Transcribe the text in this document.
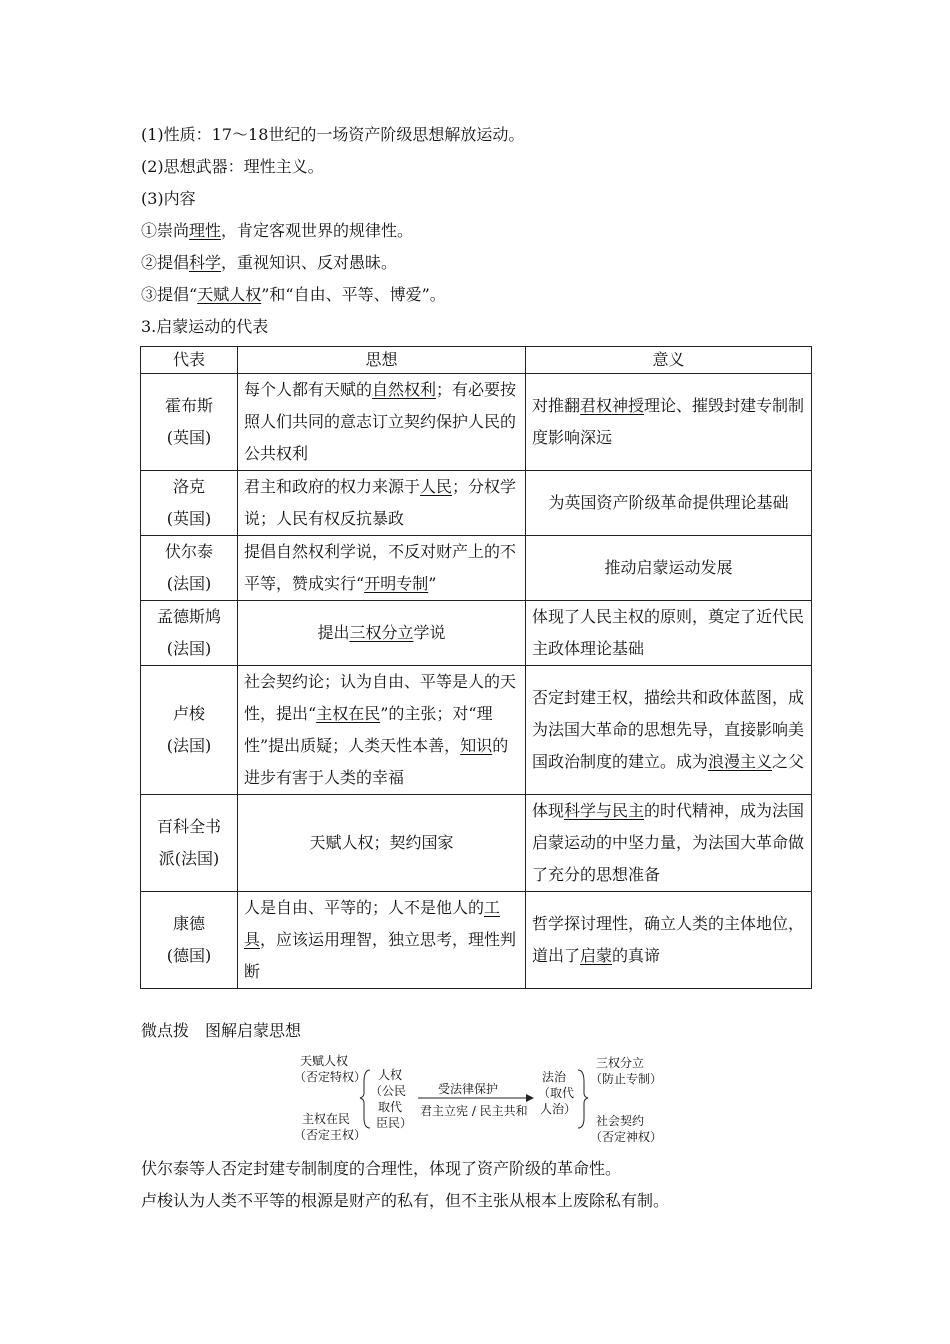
(1)性质：17～18世纪的一场资产阶级思想解放运动。
(2)思想武器：理性主义。
(3)内容
①崇尚理性，肯定客观世界的规律性。
②提倡科学，重视知识、反对愚昧。
③提倡“天赋人权”和“自由、平等、博爱”。
3.启蒙运动的代表
代表	思想	意义
霍布斯
(英国)	每个人都有天赋的自然权利；有必要按照人们共同的意志订立契约保护人民的公共权利	对推翻君权神授理论、摧毁封建专制制度影响深远
洛克
(英国)	君主和政府的权力来源于人民；分权学说；人民有权反抗暴政	为英国资产阶级革命提供理论基础
伏尔泰
(法国)	提倡自然权利学说，不反对财产上的不平等，赞成实行“开明专制”	推动启蒙运动发展
孟德斯鸠
(法国)	提出三权分立学说	体现了人民主权的原则，奠定了近代民主政体理论基础
卢梭
(法国)	社会契约论；认为自由、平等是人的天性，提出“主权在民”的主张；对“理性”提出质疑；人类天性本善，知识的进步有害于人类的幸福	否定封建王权，描绘共和政体蓝图，成为法国大革命的思想先导，直接影响美国政治制度的建立。成为浪漫主义之父
百科全书
派(法国)	天赋人权；契约国家	体现科学与民主的时代精神，成为法国启蒙运动的中坚力量，为法国大革命做了充分的思想准备
康德
(德国)	人是自由、平等的；人不是他人的工具，应该运用理智，独立思考，理性判断	哲学探讨理性，确立人类的主体地位，道出了启蒙的真谛
微点拨　图解启蒙思想
天赋人权
（否定特权）
主权在民
（否定王权）
人权
（公民
取代
臣民）
受法律保护
君主立宪 / 民主共和
法治
（取代
人治）
三权分立
（防止专制）
社会契约
（否定神权）
伏尔泰等人否定封建专制制度的合理性，体现了资产阶级的革命性。
卢梭认为人类不平等的根源是财产的私有，但不主张从根本上废除私有制。
